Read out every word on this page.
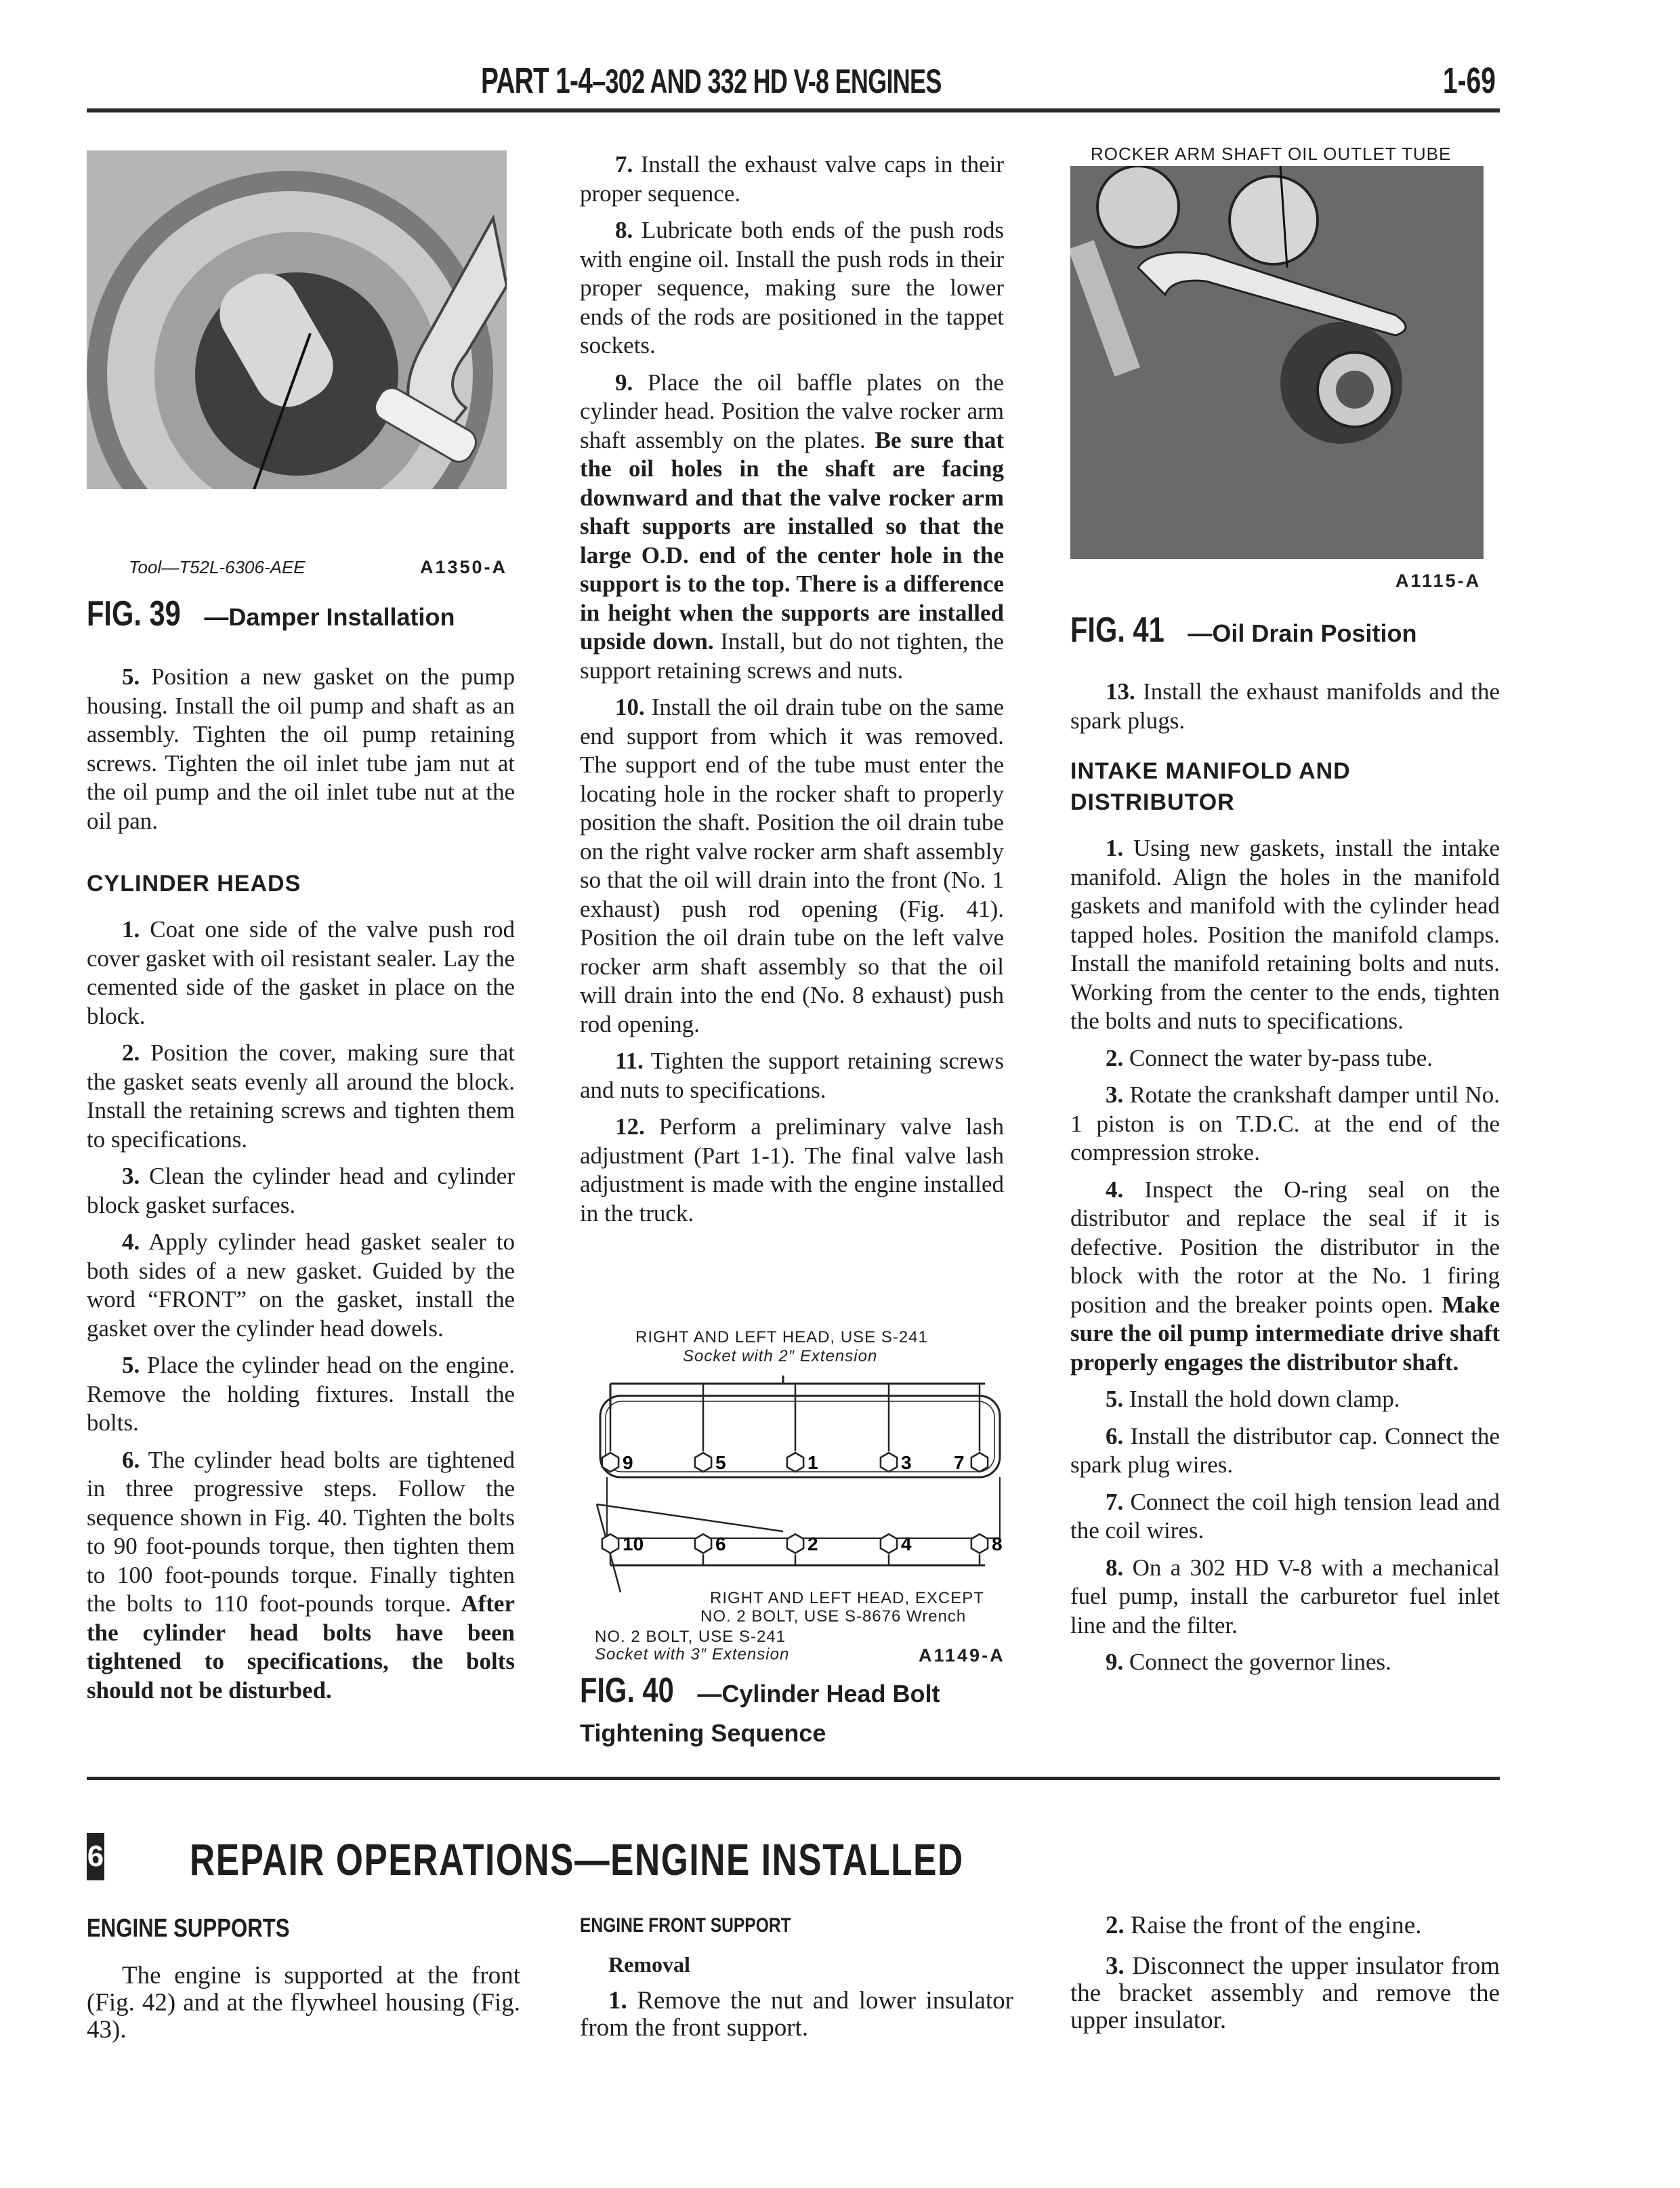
PART 1-4–302 AND 332 HD V-8 ENGINES	1-69
Tool—T52L-6306-AEE	A1350-A
FIG. 39 —Damper Installation

5. Position a new gasket on the pump housing. Install the oil pump and shaft as an assembly. Tighten the oil pump retaining screws. Tighten the oil inlet tube jam nut at the oil pump and the oil inlet tube nut at the oil pan.

CYLINDER HEADS

1. Coat one side of the valve push rod cover gasket with oil resistant sealer. Lay the cemented side of the gasket in place on the block.

2. Position the cover, making sure that the gasket seats evenly all around the block. Install the retaining screws and tighten them to specifications.

3. Clean the cylinder head and cylinder block gasket surfaces.

4. Apply cylinder head gasket sealer to both sides of a new gasket. Guided by the word “FRONT” on the gasket, install the gasket over the cylinder head dowels.

5. Place the cylinder head on the engine. Remove the holding fixtures. Install the bolts.

6. The cylinder head bolts are tightened in three progressive steps. Follow the sequence shown in Fig. 40. Tighten the bolts to 90 foot-pounds torque, then tighten them to 100 foot-pounds torque. Finally tighten the bolts to 110 foot-pounds torque. After the cylinder head bolts have been tightened to specifications, the bolts should not be disturbed.

7. Install the exhaust valve caps in their proper sequence.

8. Lubricate both ends of the push rods with engine oil. Install the push rods in their proper sequence, making sure the lower ends of the rods are positioned in the tappet sockets.

9. Place the oil baffle plates on the cylinder head. Position the valve rocker arm shaft assembly on the plates. Be sure that the oil holes in the shaft are facing downward and that the valve rocker arm shaft supports are installed so that the large O.D. end of the center hole in the support is to the top. There is a difference in height when the supports are installed upside down. Install, but do not tighten, the support retaining screws and nuts.

10. Install the oil drain tube on the same end support from which it was removed. The support end of the tube must enter the locating hole in the rocker shaft to properly position the shaft. Position the oil drain tube on the right valve rocker arm shaft assembly so that the oil will drain into the front (No. 1 exhaust) push rod opening (Fig. 41). Position the oil drain tube on the left valve rocker arm shaft assembly so that the oil will drain into the end (No. 8 exhaust) push rod opening.

11. Tighten the support retaining screws and nuts to specifications.

12. Perform a preliminary valve lash adjustment (Part 1-1). The final valve lash adjustment is made with the engine installed in the truck.

RIGHT AND LEFT HEAD, USE S-241
Socket with 2″ Extension
9	5	1	3 7
10	6	2	4	8
RIGHT AND LEFT HEAD, EXCEPT
NO. 2 BOLT, USE S-8676 Wrench
NO. 2 BOLT, USE S-241
Socket with 3″ Extension	A1149-A
FIG. 40 —Cylinder Head Bolt
Tightening Sequence
ROCKER ARM SHAFT OIL OUTLET TUBE
A1115-A
FIG. 41 —Oil Drain Position

13. Install the exhaust manifolds and the spark plugs.

INTAKE MANIFOLD AND DISTRIBUTOR

1. Using new gaskets, install the intake manifold. Align the holes in the manifold gaskets and manifold with the cylinder head tapped holes. Position the manifold clamps. Install the manifold retaining bolts and nuts. Working from the center to the ends, tighten the bolts and nuts to specifications.

2. Connect the water by-pass tube.

3. Rotate the crankshaft damper until No. 1 piston is on T.D.C. at the end of the compression stroke.

4. Inspect the O-ring seal on the distributor and replace the seal if it is defective. Position the distributor in the block with the rotor at the No. 1 firing position and the breaker points open. Make sure the oil pump intermediate drive shaft properly engages the distributor shaft.

5. Install the hold down clamp.

6. Install the distributor cap. Connect the spark plug wires.

7. Connect the coil high tension lead and the coil wires.

8. On a 302 HD V-8 with a mechanical fuel pump, install the carburetor fuel inlet line and the filter.

9. Connect the governor lines.

6 REPAIR OPERATIONS—ENGINE INSTALLED
ENGINE SUPPORTS
The engine is supported at the front (Fig. 42) and at the flywheel housing (Fig. 43).
ENGINE FRONT SUPPORT
Removal
1. Remove the nut and lower insulator from the front support.
2. Raise the front of the engine.
3. Disconnect the upper insulator from the bracket assembly and remove the upper insulator.
